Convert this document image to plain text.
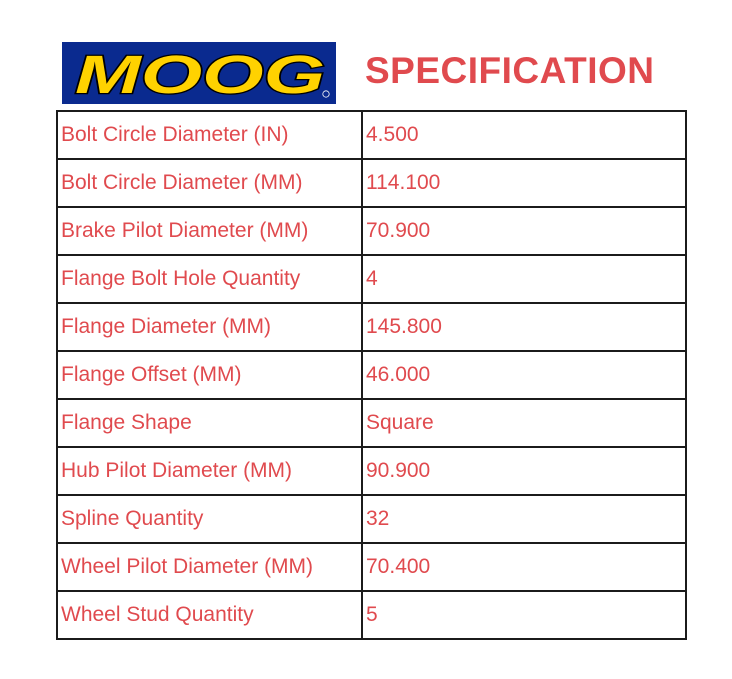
MOOG SPECIFICATION
Bolt Circle Diameter (IN)	4.500
Bolt Circle Diameter (MM)	114.100
Brake Pilot Diameter (MM)	70.900
Flange Bolt Hole Quantity	4
Flange Diameter (MM)	145.800
Flange Offset (MM)	46.000
Flange Shape	Square
Hub Pilot Diameter (MM)	90.900
Spline Quantity	32
Wheel Pilot Diameter (MM)	70.400
Wheel Stud Quantity	5
